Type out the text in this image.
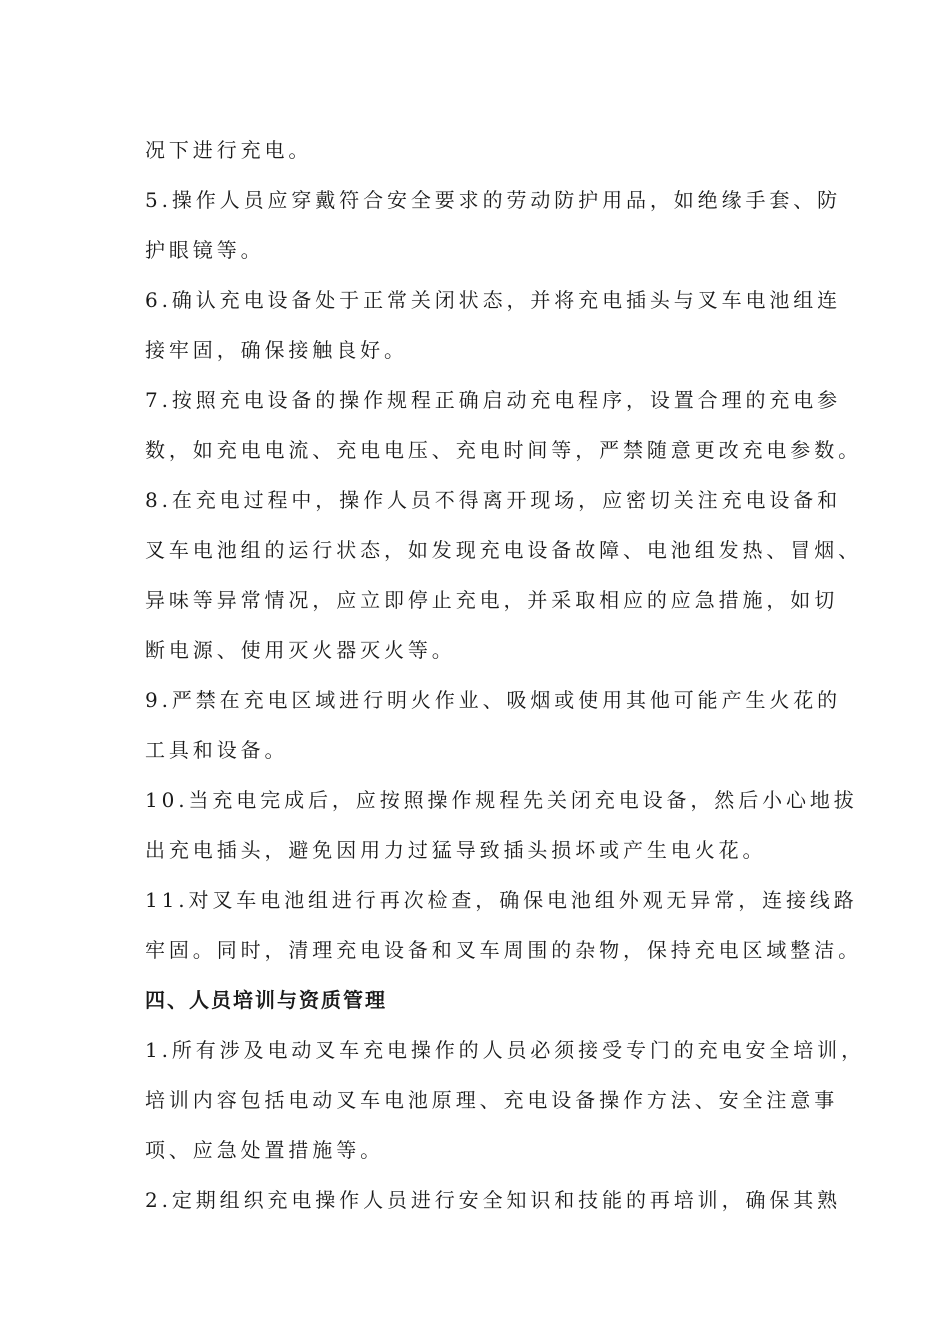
况下进行充电。
5.操作人员应穿戴符合安全要求的劳动防护用品，如绝缘手套、防
护眼镜等。
6.确认充电设备处于正常关闭状态，并将充电插头与叉车电池组连
接牢固，确保接触良好。
7.按照充电设备的操作规程正确启动充电程序，设置合理的充电参
数，如充电电流、充电电压、充电时间等，严禁随意更改充电参数。
8.在充电过程中，操作人员不得离开现场，应密切关注充电设备和
叉车电池组的运行状态，如发现充电设备故障、电池组发热、冒烟、
异味等异常情况，应立即停止充电，并采取相应的应急措施，如切
断电源、使用灭火器灭火等。
9.严禁在充电区域进行明火作业、吸烟或使用其他可能产生火花的
工具和设备。
10.当充电完成后，应按照操作规程先关闭充电设备，然后小心地拔
出充电插头，避免因用力过猛导致插头损坏或产生电火花。
11.对叉车电池组进行再次检查，确保电池组外观无异常，连接线路
牢固。同时，清理充电设备和叉车周围的杂物，保持充电区域整洁。
四、人员培训与资质管理
1.所有涉及电动叉车充电操作的人员必须接受专门的充电安全培训，
培训内容包括电动叉车电池原理、充电设备操作方法、安全注意事
项、应急处置措施等。
2.定期组织充电操作人员进行安全知识和技能的再培训，确保其熟
